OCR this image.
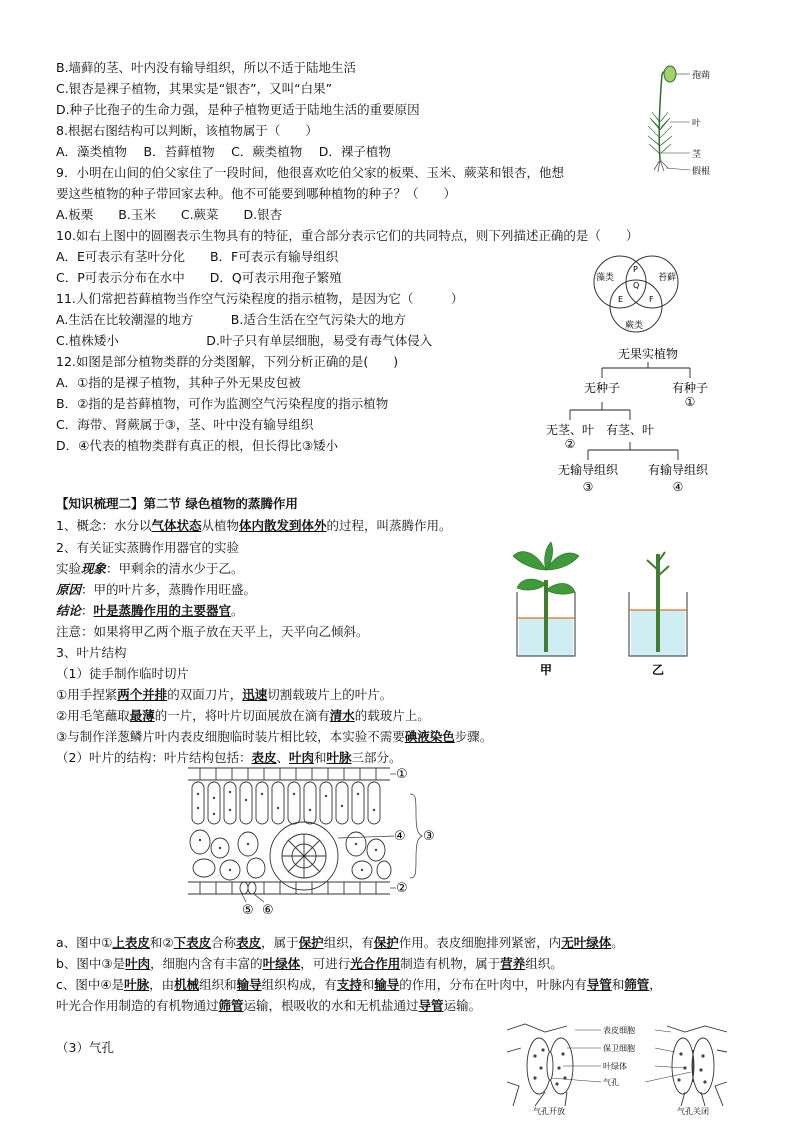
B.墙藓的茎、叶内没有输导组织，所以不适于陆地生活
C.银杏是裸子植物，其果实是“银杏”，又叫“白果”
D.种子比孢子的生命力强，是种子植物更适于陆地生活的重要原因
8.根据右图结构可以判断，该植物属于（　　）
A．藻类植物　 B．苔藓植物　 C．蕨类植物　 D．裸子植物
9．小明在山间的伯父家住了一段时间，他很喜欢吃伯父家的板栗、玉米、蕨菜和银杏，他想
要这些植物的种子带回家去种。他不可能要到哪种植物的种子？（　　）
A.板栗　　B.玉米　　C.蕨菜　　D.银杏
10.如右上图中的圆圈表示生物具有的特征，重合部分表示它们的共同特点，则下列描述正确的是（　　）
A．E可表示有茎叶分化　　B．F可表示有输导组织
C．P可表示分布在水中　　D．Q可表示用孢子繁殖
11.人们常把苔藓植物当作空气污染程度的指示植物，是因为它（　　　）
A.生活在比较潮湿的地方　　　B.适合生活在空气污染大的地方
C.植株矮小　　　　　　　D.叶子只有单层细胞，易受有毒气体侵入
12.如图是部分植物类群的分类图解，下列分析正确的是(　　)
A．①指的是裸子植物，其种子外无果皮包被
B．②指的是苔藓植物，可作为监测空气污染程度的指示植物
C．海带、肾蕨属于③，茎、叶中没有输导组织
D．④代表的植物类群有真正的根，但长得比③矮小
【知识梳理二】第二节 绿色植物的蒸腾作用
1、概念：水分以气体状态从植物体内散发到体外的过程，叫蒸腾作用。
2、有关证实蒸腾作用器官的实验
实验现象：甲剩余的清水少于乙。
原因：甲的叶片多，蒸腾作用旺盛。
结论：叶是蒸腾作用的主要器官。
注意：如果将甲乙两个瓶子放在天平上，天平向乙倾斜。
3、叶片结构
（1）徒手制作临时切片
①用手捏紧两个并排的双面刀片，迅速切割载玻片上的叶片。
②用毛笔蘸取最薄的一片，将叶片切面展放在滴有清水的载玻片上。
③与制作洋葱鳞片叶内表皮细胞临时装片相比较，本实验不需要碘液染色步骤。
（2）叶片的结构：叶片结构包括：表皮、叶肉和叶脉三部分。
a、图中①上表皮和②下表皮合称表皮，属于保护组织，有保护作用。表皮细胞排列紧密，内无叶绿体。
b、图中③是叶肉，细胞内含有丰富的叶绿体，可进行光合作用制造有机物，属于营养组织。
c、图中④是叶脉，由机械组织和输导组织构成，有支持和输导的作用，分布在叶肉中，叶脉内有导管和筛管，
叶光合作用制造的有机物通过筛管运输，根吸收的水和无机盐通过导管运输。
（3）气孔
孢蒴
叶
茎
假根
藻类	苔藓
蕨类
P
Q
E	F
无果实植物
无种子	有种子
①
无茎、叶
②
有茎、叶
无输导组织
③
有输导组织
④
甲	乙
①
②
③
④
⑤ ⑥
表皮细胞
保卫细胞
叶绿体
气孔
气孔开放	气孔关闭
